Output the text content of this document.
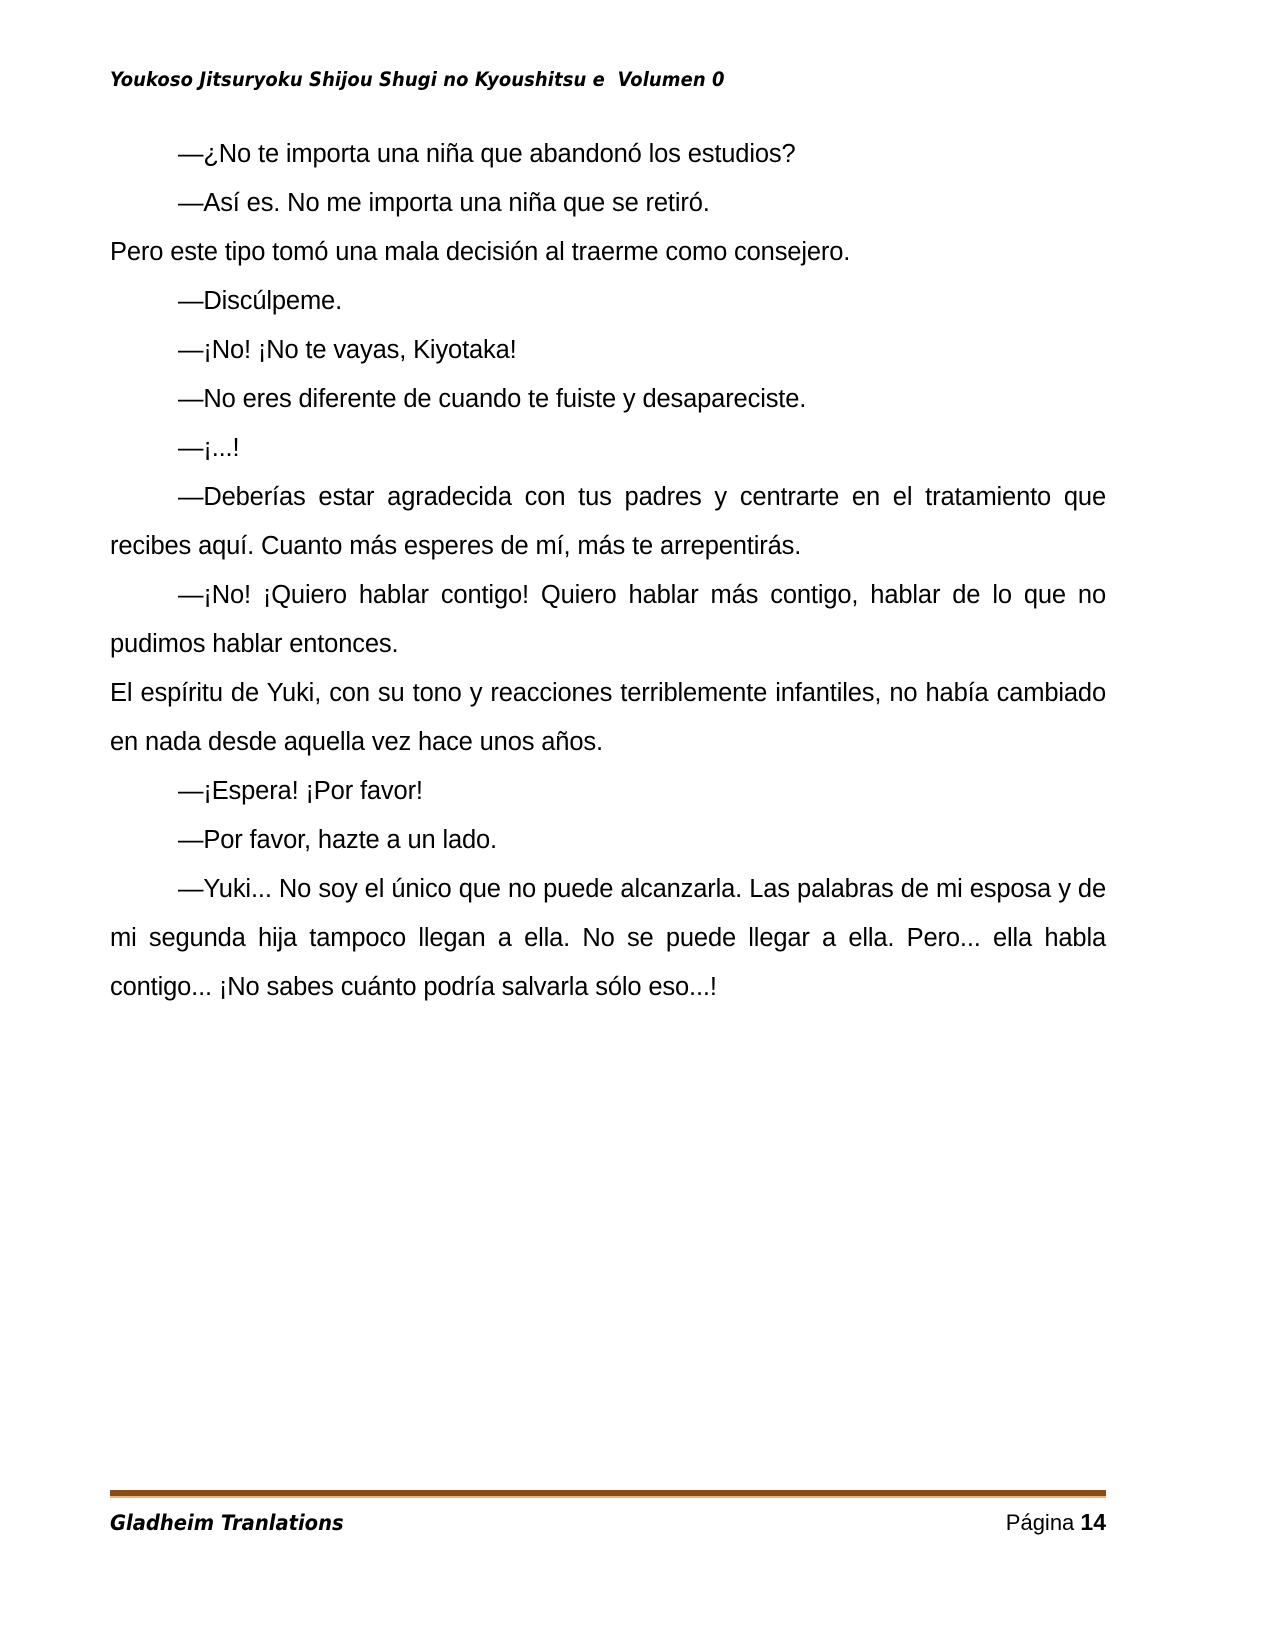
Youkoso Jitsuryoku Shijou Shugi no Kyoushitsu e  Volumen 0

—¿No te importa una niña que abandonó los estudios?

—Así es. No me importa una niña que se retiró.

Pero este tipo tomó una mala decisión al traerme como consejero.

—Discúlpeme.

—¡No! ¡No te vayas, Kiyotaka!

—No eres diferente de cuando te fuiste y desapareciste.

—¡...!

—Deberías estar agradecida con tus padres y centrarte en el tratamiento que recibes aquí. Cuanto más esperes de mí, más te arrepentirás.

—¡No! ¡Quiero hablar contigo! Quiero hablar más contigo, hablar de lo que no pudimos hablar entonces.

El espíritu de Yuki, con su tono y reacciones terriblemente infantiles, no había cambiado en nada desde aquella vez hace unos años.

—¡Espera! ¡Por favor!

—Por favor, hazte a un lado.

—Yuki... No soy el único que no puede alcanzarla. Las palabras de mi esposa y de mi segunda hija tampoco llegan a ella. No se puede llegar a ella. Pero... ella habla contigo... ¡No sabes cuánto podría salvarla sólo eso...!

Gladheim Tranlations	Página 14
